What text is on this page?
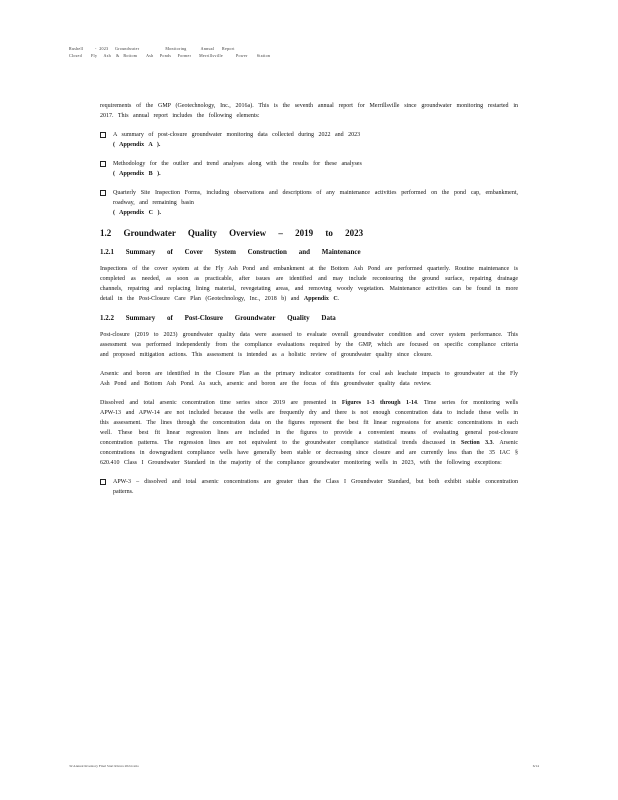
Rushell         -  2023     Groundwater                    Monitoring           Annual      Report
Closed       Fly     Ash    &   Bottom       Ash     Ponds     Former      Merrillsville          Power       Station

requirements of the GMP (Geotechnology, Inc., 2016a). This is the seventh annual report for Merrillsville since groundwater monitoring restarted in 2017. This annual report includes the following elements:

A summary of post-closure groundwater monitoring data collected during 2022 and 2023
( Appendix A ).
Methodology for the outlier and trend analyses along with the results for these analyses
( Appendix B ).
Quarterly Site Inspection Forms, including observations and descriptions of any maintenance activities performed on the pond cap, embankment, roadway, and remaining basin
( Appendix C ).
1.2 Groundwater Quality Overview – 2019 to 2023
1.2.1 Summary of Cover System Construction and Maintenance

Inspections of the cover system at the Fly Ash Pond and embankment at the Bottom Ash Pond are performed quarterly. Routine maintenance is completed as needed, as soon as practicable, after issues are identified and may include recontouring the ground surface, repairing drainage channels, repairing and replacing lining material, revegetating areas, and removing woody vegetation. Maintenance activities can be found in more detail in the Post-Closure Care Plan (Geotechnology, Inc., 2018 b) and Appendix C.

1.2.2 Summary of Post-Closure Groundwater Quality Data

Post-closure (2019 to 2023) groundwater quality data were assessed to evaluate overall groundwater condition and cover system performance. This assessment was performed independently from the compliance evaluations required by the GMP, which are focused on specific compliance criteria and proposed mitigation actions. This assessment is intended as a holistic review of groundwater quality since closure.

Arsenic and boron are identified in the Closure Plan as the primary indicator constituents for coal ash leachate impacts to groundwater at the Fly Ash Pond and Bottom Ash Pond. As such, arsenic and boron are the focus of this groundwater quality data review.

Dissolved and total arsenic concentration time series since 2019 are presented in Figures 1-3 through 1-14. Time series for monitoring wells APW-13 and APW-14 are not included because the wells are frequently dry and there is not enough concentration data to include these wells in this assessment. The lines through the concentration data on the figures represent the best fit linear regressions for arsenic concentrations in each well. These best fit linear regression lines are included in the figures to provide a convenient means of evaluating general post-closure concentration patterns. The regression lines are not equivalent to the groundwater compliance statistical trends discussed in Section 3.3. Arsenic concentrations in downgradient compliance wells have generally been stable or decreasing since closure and are currently less than the 35 IAC § 620.410 Class I Groundwater Standard in the majority of the compliance groundwater monitoring wells in 2023, with the following exceptions:

APW-3 – dissolved and total arsenic concentrations are greater than the Class I Groundwater Standard, but both exhibit stable concentration patterns.
32 Annual Inventory Final Start Rivera 2024 ratio	6/14
